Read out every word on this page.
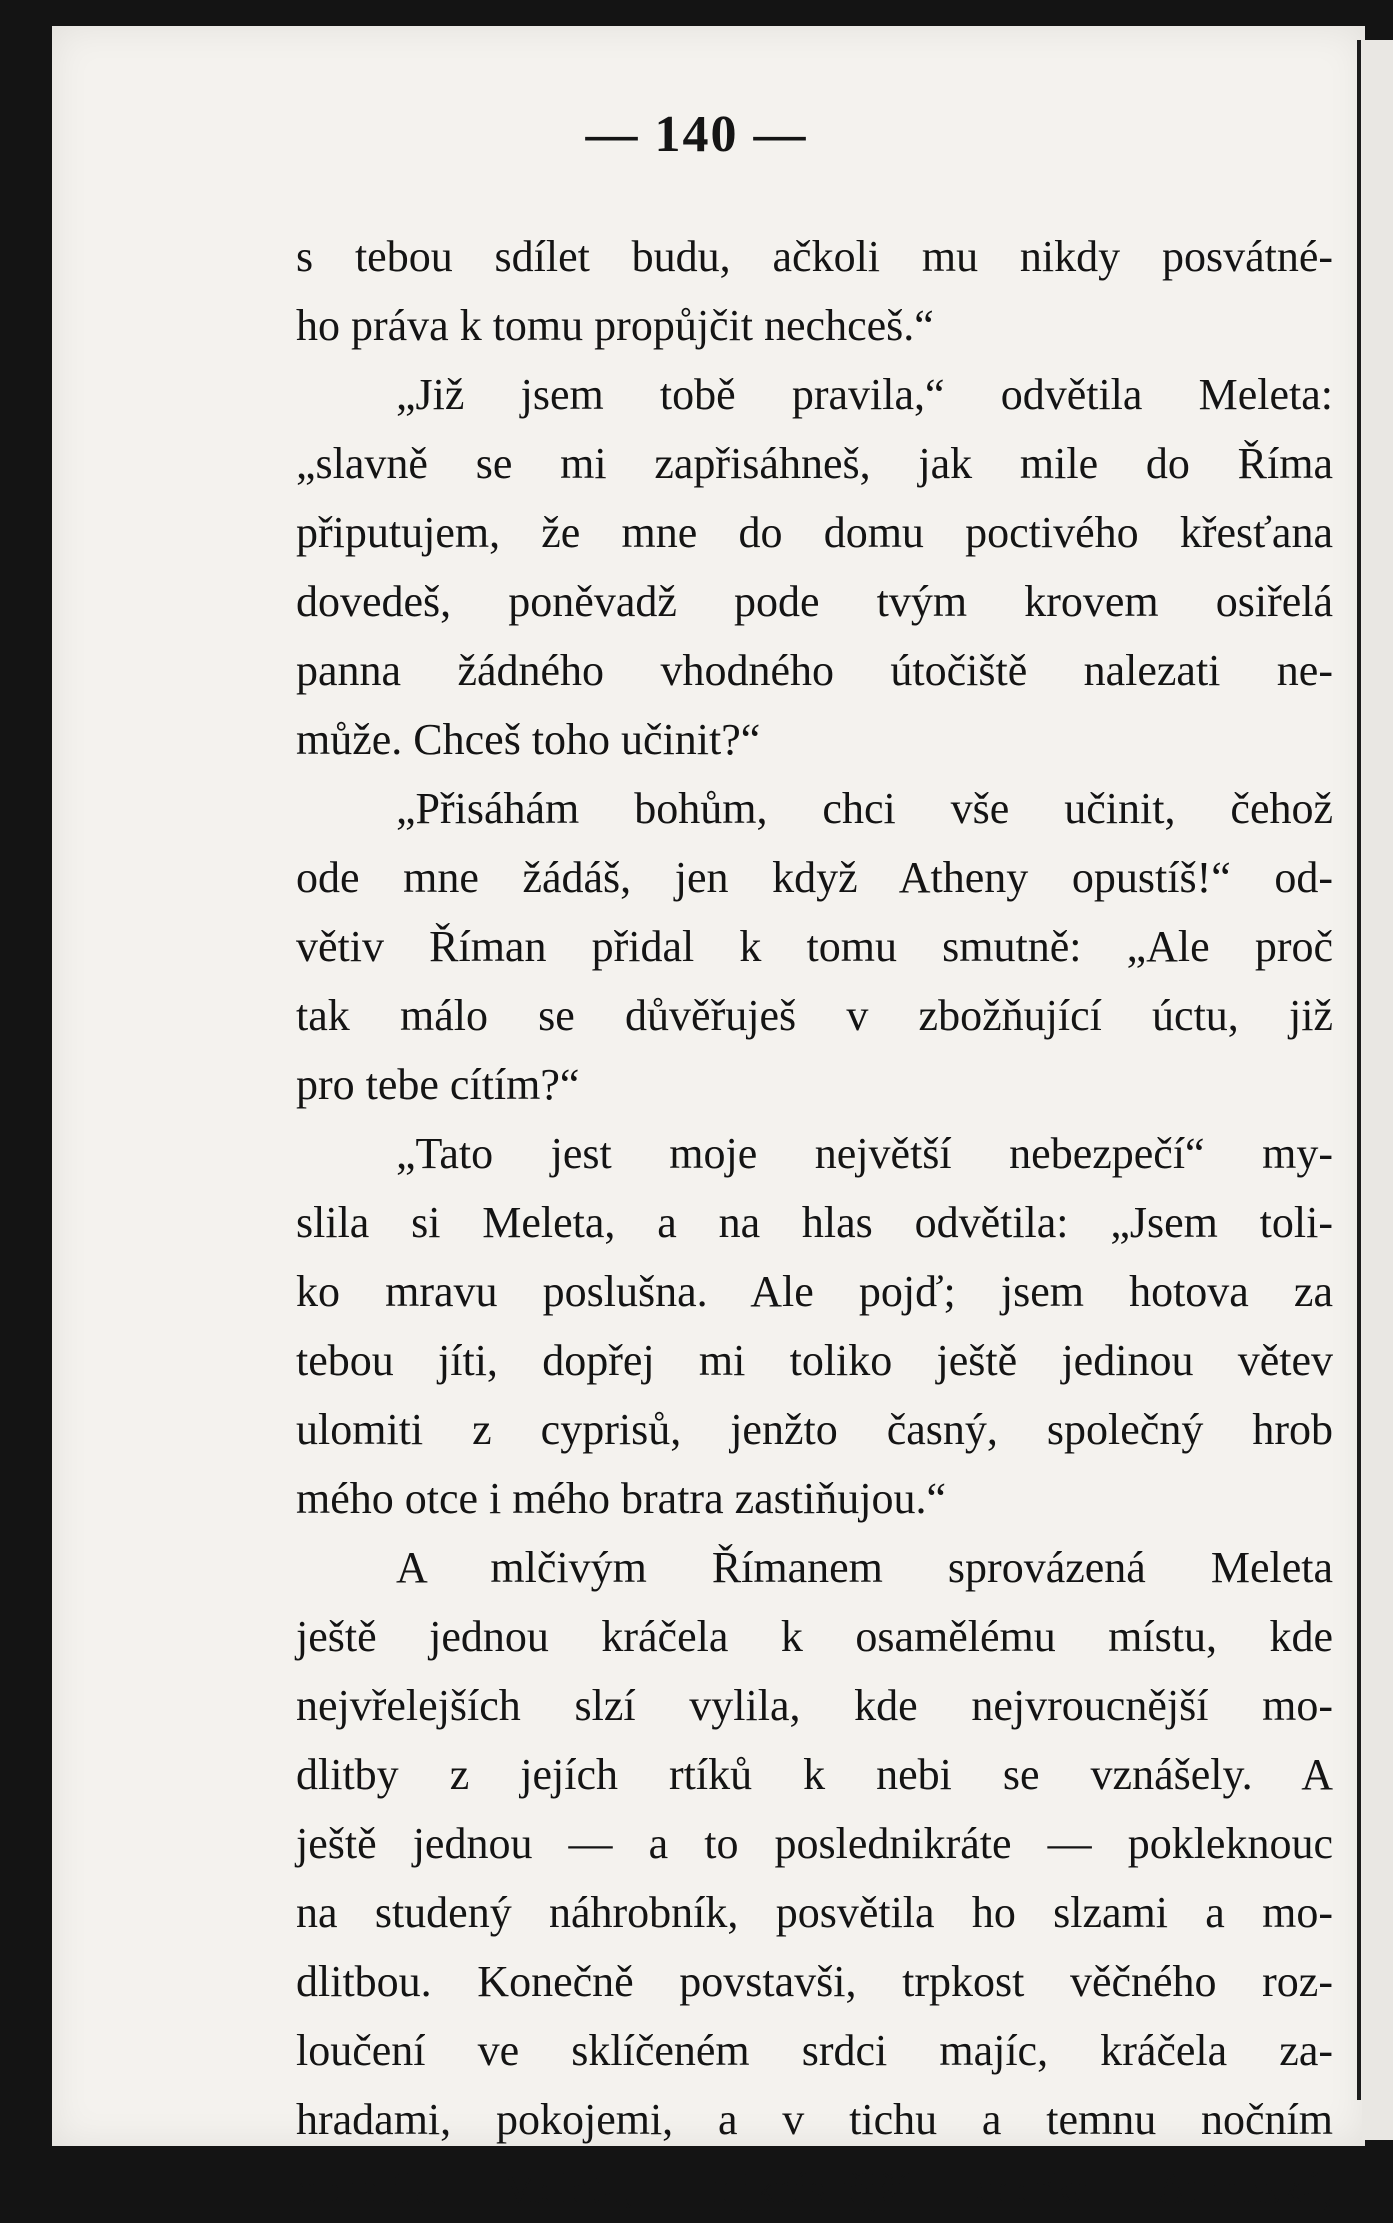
— 140 —
s tebou sdílet budu, ačkoli mu nikdy posvátné-
ho práva k tomu propůjčit nechceš.“
„Již jsem tobě pravila,“ odvětila Meleta:
„slavně se mi zapřisáhneš, jak mile do Říma
připutujem, že mne do domu poctivého křesťana
dovedeš, poněvadž pode tvým krovem osiřelá
panna žádného vhodného útočiště nalezati ne-
může. Chceš toho učinit?“
„Přisáhám bohům, chci vše učinit, čehož
ode mne žádáš, jen když Atheny opustíš!“ od-
větiv Říman přidal k tomu smutně: „Ale proč
tak málo se důvěřuješ v zbožňující úctu, již
pro tebe cítím?“
„Tato jest moje největší nebezpečí“ my-
slila si Meleta, a na hlas odvětila: „Jsem toli-
ko mravu poslušna. Ale pojď; jsem hotova za
tebou jíti, dopřej mi toliko ještě jedinou větev
ulomiti z cyprisů, jenžto časný, společný hrob
mého otce i mého bratra zastiňujou.“
A mlčivým Římanem sprovázená Meleta
ještě jednou kráčela k osamělému místu, kde
nejvřelejších slzí vylila, kde nejvroucnější mo-
dlitby z jejích rtíků k nebi se vznášely. A
ještě jednou — a to poslednikráte — pokleknouc
na studený náhrobník, posvětila ho slzami a mo-
dlitbou. Konečně povstavši, trpkost věčného roz-
loučení ve sklíčeném srdci majíc, kráčela za-
hradami, pokojemi, a v tichu a temnu nočním
opustila Meleta, nejkrásnější dcerka Athenská,
